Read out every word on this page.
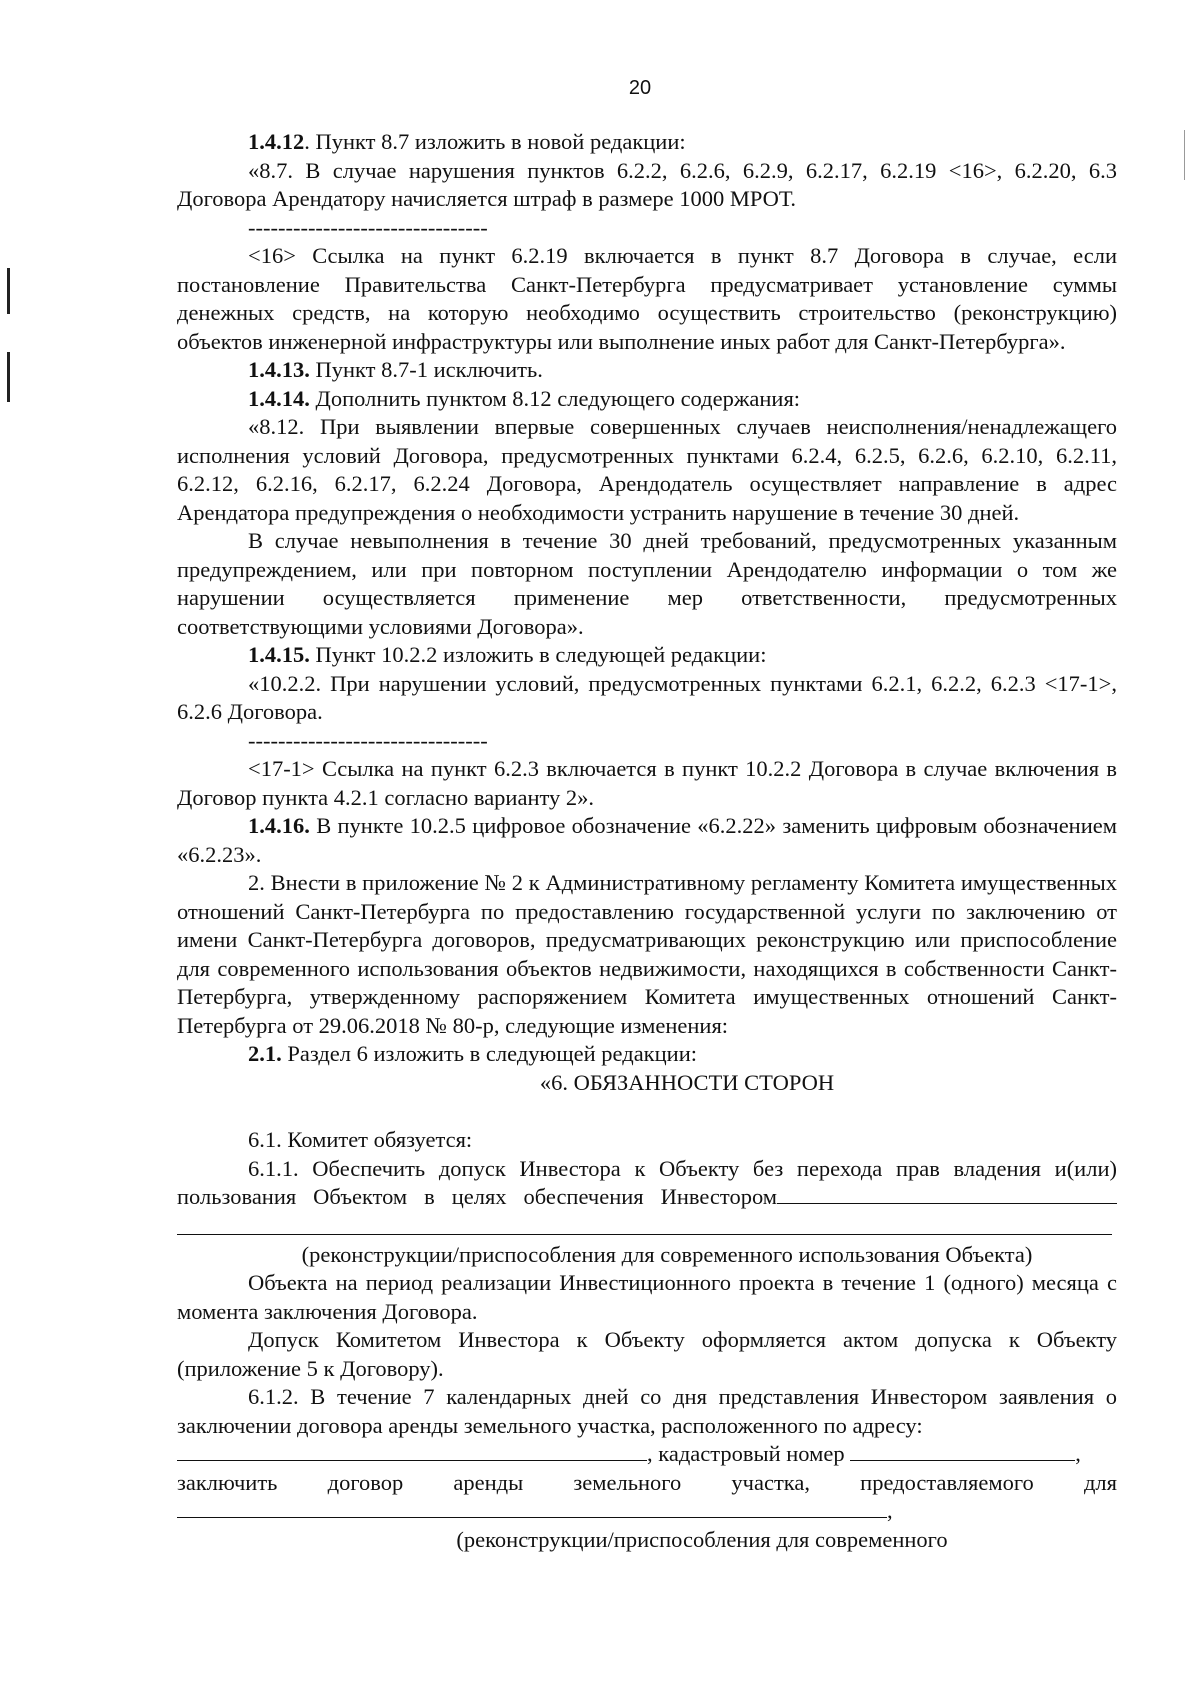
20

1.4.12. Пункт 8.7 изложить в новой редакции:

«8.7. В случае нарушения пунктов 6.2.2, 6.2.6, 6.2.9, 6.2.17, 6.2.19 <16>, 6.2.20, 6.3 Договора Арендатору начисляется штраф в размере 1000 МРОТ.

--------------------------------

<16> Ссылка на пункт 6.2.19 включается в пункт 8.7 Договора в случае, если постановление Правительства Санкт-Петербурга предусматривает установление суммы денежных средств, на которую необходимо осуществить строительство (реконструкцию) объектов инженерной инфраструктуры или выполнение иных работ для Санкт-Петербурга».

1.4.13. Пункт 8.7-1 исключить.

1.4.14. Дополнить пунктом 8.12 следующего содержания:

«8.12. При выявлении впервые совершенных случаев неисполнения/ненадлежащего исполнения условий Договора, предусмотренных пунктами 6.2.4, 6.2.5, 6.2.6, 6.2.10, 6.2.11, 6.2.12, 6.2.16, 6.2.17, 6.2.24 Договора, Арендодатель осуществляет направление в адрес Арендатора предупреждения о необходимости устранить нарушение в течение 30 дней.

В случае невыполнения в течение 30 дней требований, предусмотренных указанным предупреждением, или при повторном поступлении Арендодателю информации о том же нарушении осуществляется применение мер ответственности, предусмотренных соответствующими условиями Договора».

1.4.15. Пункт 10.2.2 изложить в следующей редакции:

«10.2.2. При нарушении условий, предусмотренных пунктами 6.2.1, 6.2.2, 6.2.3 <17-1>, 6.2.6 Договора.

--------------------------------

<17-1> Ссылка на пункт 6.2.3 включается в пункт 10.2.2 Договора в случае включения в Договор пункта 4.2.1 согласно варианту 2».

1.4.16. В пункте 10.2.5 цифровое обозначение «6.2.22» заменить цифровым обозначением «6.2.23».

2. Внести в приложение № 2 к Административному регламенту Комитета имущественных отношений Санкт-Петербурга по предоставлению государственной услуги по заключению от имени Санкт-Петербурга договоров, предусматривающих реконструкцию или приспособление для современного использования объектов недвижимости, находящихся в собственности Санкт-Петербурга, утвержденному распоряжением Комитета имущественных отношений Санкт-Петербурга от 29.06.2018 № 80-р, следующие изменения:

2.1. Раздел 6 изложить в следующей редакции:

«6. ОБЯЗАННОСТИ СТОРОН

6.1. Комитет обязуется:

6.1.1. Обеспечить допуск Инвестора к Объекту без перехода прав владения и(или) пользования Объектом в целях обеспечения Инвестором

(реконструкции/приспособления для современного использования Объекта)

Объекта на период реализации Инвестиционного проекта в течение 1 (одного) месяца с момента заключения Договора.

Допуск Комитетом Инвестора к Объекту оформляется актом допуска к Объекту (приложение 5 к Договору).

6.1.2. В течение 7 календарных дней со дня представления Инвестором заявления о заключении договора аренды земельного участка, расположенного по адресу:

, кадастровый номер	,

заключить договор аренды земельного участка, предоставляемого для

,

(реконструкции/приспособления для современного
